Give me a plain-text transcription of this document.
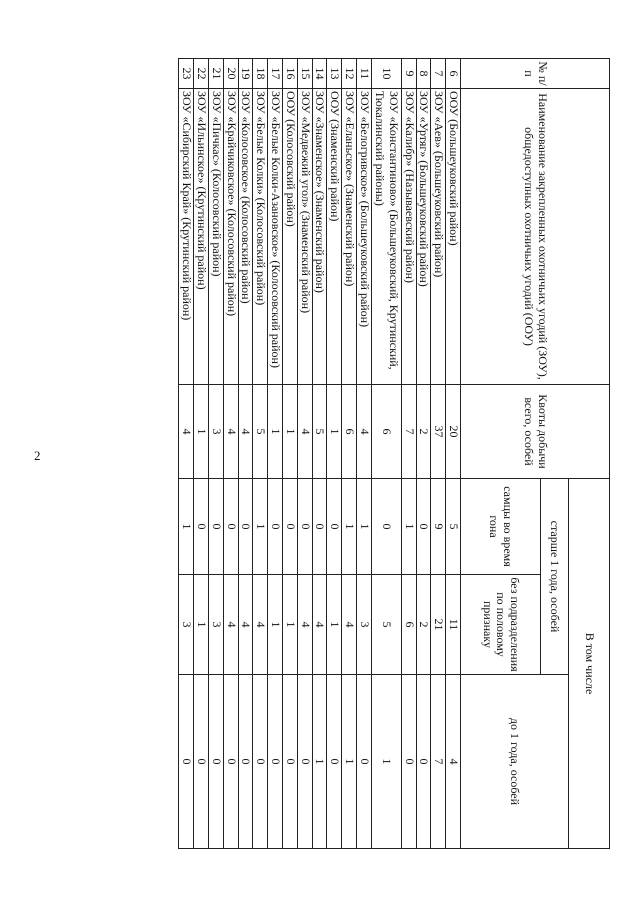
2
№ п/п	Наименование закрепленных охотничьих угодий (ЗОУ), общедоступных охотничьих угодий (ООУ)	Квоты добычи всего, особей	В том числе		
			старше 1 года, особей		до 1 года, особей
			самцы во время гона	без подразделения по половому признаку	
6	ООУ (Большеуковский район)	20	5	11	4
7	ЗОУ «Аев» (Большеуковский район)	37	9	21	7
8	ЗОУ «Уртяг» (Большеуковский район)	2	0	2	0
9	ЗОУ «Калибр» (Называевский район)	7	1	6	0
10	ЗОУ «Константиново» (Большеуковский, Крутинский, Тюкалинский районы)	6	0	5	1
11	ЗОУ «Белогривское» (Большеуковский район)	4	1	3	0
12	ЗОУ «Еланьское» (Знаменский район)	6	1	4	1
13	ООУ (Знаменский район)	1	0	1	0
14	ЗОУ «Знаменское» (Знаменский район)	5	0	4	1
15	ЗОУ «Медвежий угол» (Знаменский район)	4	0	4	0
16	ООУ (Колосовский район)	1	0	1	0
17	ЗОУ «Белые Колки-Азановское» (Колосовский район)	1	0	1	0
18	ЗОУ «Белые Колки» (Колосовский район)	5	1	4	0
19	ЗОУ «Колосовское» (Колосовский район)	4	0	4	0
20	ЗОУ «Крайчиковское» (Колосовский район)	4	0	4	0
21	ЗОУ «Пичкас» (Колосовский район)	3	0	3	0
22	ЗОУ «Ильинское» (Крутинский район)	1	0	1	0
23	ЗОУ «Сибирский Край» (Крутинский район)	4	1	3	0
